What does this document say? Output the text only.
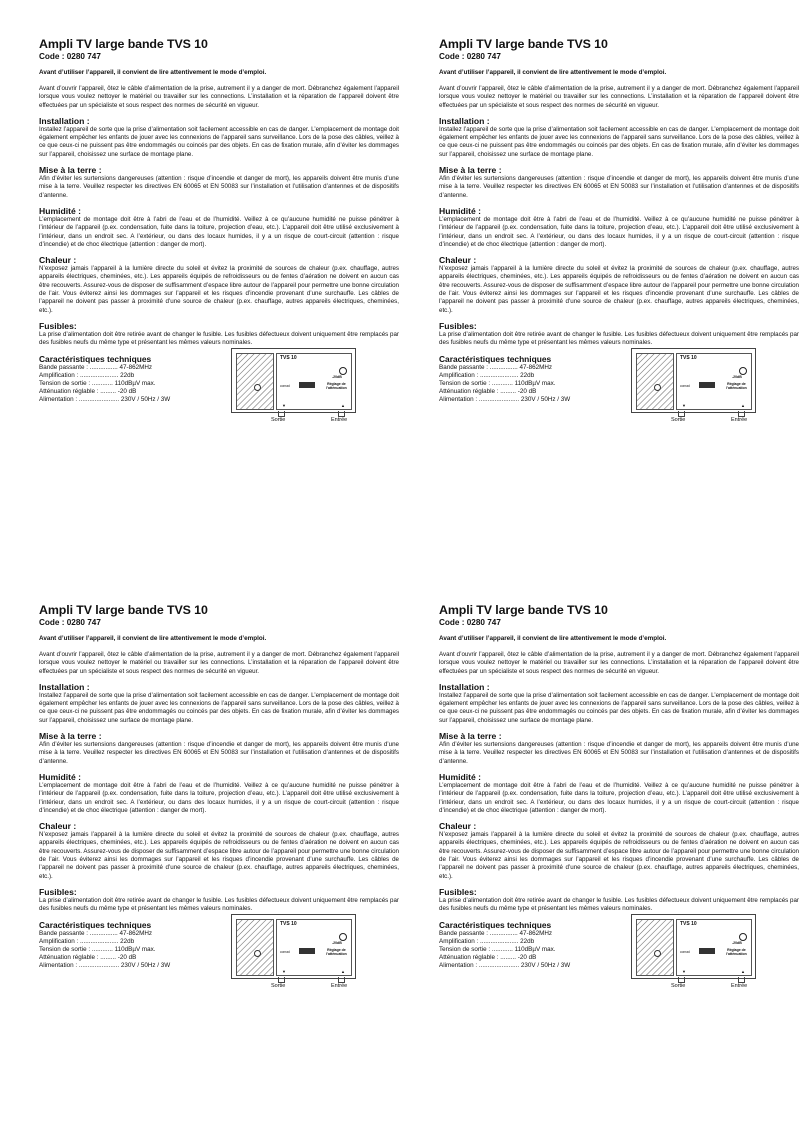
Ampli TV large bande TVS 10

Code : 0280 747

Avant d’utiliser l’appareil, il convient de lire attentivement le mode d’emploi.

Avant d’ouvrir l’appareil, ôtez le câble d’alimentation de la prise, autrement il y a danger de mort. Débranchez également l’appareil lorsque vous voulez nettoyer le matériel ou travailler sur les connections. L’installation et la réparation de l’appareil doivent être effectuées par un spécialiste et sous respect des normes de sécurité en vigueur.

Installation :

Installez l’appareil de sorte que la prise d’alimentation soit facilement accessible en cas de danger. L’emplacement de montage doit également empêcher les enfants de jouer avec les connexions de l’appareil sans surveillance. Lors de la pose des câbles, veillez à ce que ceux-ci ne puissent pas être endommagés ou coincés par des objets. En cas de fixation murale, afin d’éviter les dommages sur l’appareil, choisissez une surface de montage plane.

Mise à la terre :

Afin d’éviter les surtensions dangereuses (attention : risque d’incendie et danger de mort), les appareils doivent être munis d’une mise à la terre. Veuillez respecter les directives EN 60065 et EN 50083 sur l’installation et l’utilisation d’antennes et de dispositifs d’antenne.

Humidité :

L’emplacement de montage doit être à l’abri de l’eau et de l’humidité. Veillez à ce qu’aucune humidité ne puisse pénétrer à l’intérieur de l’appareil (p.ex. condensation, fuite dans la toiture, projection d’eau, etc.). L’appareil doit être utilisé exclusivement à l’intérieur, dans un endroit sec. A l’extérieur, ou dans des locaux humides, il y a un risque de court-circuit (attention : risque d’incendie) et de choc électrique (attention : danger de mort).

Chaleur :

N’exposez jamais l’appareil à la lumière directe du soleil et évitez la proximité de sources de chaleur (p.ex. chauffage, autres appareils électriques, cheminées, etc.). Les appareils équipés de refroidisseurs ou de fentes d’aération ne doivent en aucun cas être recouverts. Assurez-vous de disposer de suffisamment d’espace libre autour de l’appareil pour permettre une bonne circulation de l’air. Vous éviterez ainsi les dommages sur l’appareil et les risques d’incendie provenant d’une surchauffe. Les câbles de l’appareil ne doivent pas passer à proximité d’une source de chaleur (p.ex. chauffage, autres appareils électriques, cheminées, etc.).

Fusibles:

La prise d’alimentation doit être retirée avant de changer le fusible. Les fusibles défectueux doivent uniquement être remplacés par des fusibles neufs du même type et présentant les mêmes valeurs nominales.

Caractéristiques techniques
Bande passante : ................ 47-862MHz
Amplification : ...................... 22db
Tension de sortie : ............ 110dBµV max.
Atténuation réglable : ......... -20 dB
Alimentation : ....................... 230V / 50Hz / 3W
TVS 10
-20dB
conrad	Réglage de
l’atténuation
▼	▲
Sortie	Entrée
Ampli TV large bande TVS 10

Code : 0280 747

Avant d’utiliser l’appareil, il convient de lire attentivement le mode d’emploi.

Avant d’ouvrir l’appareil, ôtez le câble d’alimentation de la prise, autrement il y a danger de mort. Débranchez également l’appareil lorsque vous voulez nettoyer le matériel ou travailler sur les connections. L’installation et la réparation de l’appareil doivent être effectuées par un spécialiste et sous respect des normes de sécurité en vigueur.

Installation :

Installez l’appareil de sorte que la prise d’alimentation soit facilement accessible en cas de danger. L’emplacement de montage doit également empêcher les enfants de jouer avec les connexions de l’appareil sans surveillance. Lors de la pose des câbles, veillez à ce que ceux-ci ne puissent pas être endommagés ou coincés par des objets. En cas de fixation murale, afin d’éviter les dommages sur l’appareil, choisissez une surface de montage plane.

Mise à la terre :

Afin d’éviter les surtensions dangereuses (attention : risque d’incendie et danger de mort), les appareils doivent être munis d’une mise à la terre. Veuillez respecter les directives EN 60065 et EN 50083 sur l’installation et l’utilisation d’antennes et de dispositifs d’antenne.

Humidité :

L’emplacement de montage doit être à l’abri de l’eau et de l’humidité. Veillez à ce qu’aucune humidité ne puisse pénétrer à l’intérieur de l’appareil (p.ex. condensation, fuite dans la toiture, projection d’eau, etc.). L’appareil doit être utilisé exclusivement à l’intérieur, dans un endroit sec. A l’extérieur, ou dans des locaux humides, il y a un risque de court-circuit (attention : risque d’incendie) et de choc électrique (attention : danger de mort).

Chaleur :

N’exposez jamais l’appareil à la lumière directe du soleil et évitez la proximité de sources de chaleur (p.ex. chauffage, autres appareils électriques, cheminées, etc.). Les appareils équipés de refroidisseurs ou de fentes d’aération ne doivent en aucun cas être recouverts. Assurez-vous de disposer de suffisamment d’espace libre autour de l’appareil pour permettre une bonne circulation de l’air. Vous éviterez ainsi les dommages sur l’appareil et les risques d’incendie provenant d’une surchauffe. Les câbles de l’appareil ne doivent pas passer à proximité d’une source de chaleur (p.ex. chauffage, autres appareils électriques, cheminées, etc.).

Fusibles:

La prise d’alimentation doit être retirée avant de changer le fusible. Les fusibles défectueux doivent uniquement être remplacés par des fusibles neufs du même type et présentant les mêmes valeurs nominales.

Caractéristiques techniques
Bande passante : ................ 47-862MHz
Amplification : ...................... 22db
Tension de sortie : ............ 110dBµV max.
Atténuation réglable : ......... -20 dB
Alimentation : ....................... 230V / 50Hz / 3W
TVS 10
-20dB
conrad	Réglage de
l’atténuation
▼	▲
Sortie	Entrée
Ampli TV large bande TVS 10

Code : 0280 747

Avant d’utiliser l’appareil, il convient de lire attentivement le mode d’emploi.

Avant d’ouvrir l’appareil, ôtez le câble d’alimentation de la prise, autrement il y a danger de mort. Débranchez également l’appareil lorsque vous voulez nettoyer le matériel ou travailler sur les connections. L’installation et la réparation de l’appareil doivent être effectuées par un spécialiste et sous respect des normes de sécurité en vigueur.

Installation :

Installez l’appareil de sorte que la prise d’alimentation soit facilement accessible en cas de danger. L’emplacement de montage doit également empêcher les enfants de jouer avec les connexions de l’appareil sans surveillance. Lors de la pose des câbles, veillez à ce que ceux-ci ne puissent pas être endommagés ou coincés par des objets. En cas de fixation murale, afin d’éviter les dommages sur l’appareil, choisissez une surface de montage plane.

Mise à la terre :

Afin d’éviter les surtensions dangereuses (attention : risque d’incendie et danger de mort), les appareils doivent être munis d’une mise à la terre. Veuillez respecter les directives EN 60065 et EN 50083 sur l’installation et l’utilisation d’antennes et de dispositifs d’antenne.

Humidité :

L’emplacement de montage doit être à l’abri de l’eau et de l’humidité. Veillez à ce qu’aucune humidité ne puisse pénétrer à l’intérieur de l’appareil (p.ex. condensation, fuite dans la toiture, projection d’eau, etc.). L’appareil doit être utilisé exclusivement à l’intérieur, dans un endroit sec. A l’extérieur, ou dans des locaux humides, il y a un risque de court-circuit (attention : risque d’incendie) et de choc électrique (attention : danger de mort).

Chaleur :

N’exposez jamais l’appareil à la lumière directe du soleil et évitez la proximité de sources de chaleur (p.ex. chauffage, autres appareils électriques, cheminées, etc.). Les appareils équipés de refroidisseurs ou de fentes d’aération ne doivent en aucun cas être recouverts. Assurez-vous de disposer de suffisamment d’espace libre autour de l’appareil pour permettre une bonne circulation de l’air. Vous éviterez ainsi les dommages sur l’appareil et les risques d’incendie provenant d’une surchauffe. Les câbles de l’appareil ne doivent pas passer à proximité d’une source de chaleur (p.ex. chauffage, autres appareils électriques, cheminées, etc.).

Fusibles:

La prise d’alimentation doit être retirée avant de changer le fusible. Les fusibles défectueux doivent uniquement être remplacés par des fusibles neufs du même type et présentant les mêmes valeurs nominales.

Caractéristiques techniques
Bande passante : ................ 47-862MHz
Amplification : ...................... 22db
Tension de sortie : ............ 110dBµV max.
Atténuation réglable : ......... -20 dB
Alimentation : ....................... 230V / 50Hz / 3W
TVS 10
-20dB
conrad	Réglage de
l’atténuation
▼	▲
Sortie	Entrée
Ampli TV large bande TVS 10

Code : 0280 747

Avant d’utiliser l’appareil, il convient de lire attentivement le mode d’emploi.

Avant d’ouvrir l’appareil, ôtez le câble d’alimentation de la prise, autrement il y a danger de mort. Débranchez également l’appareil lorsque vous voulez nettoyer le matériel ou travailler sur les connections. L’installation et la réparation de l’appareil doivent être effectuées par un spécialiste et sous respect des normes de sécurité en vigueur.

Installation :

Installez l’appareil de sorte que la prise d’alimentation soit facilement accessible en cas de danger. L’emplacement de montage doit également empêcher les enfants de jouer avec les connexions de l’appareil sans surveillance. Lors de la pose des câbles, veillez à ce que ceux-ci ne puissent pas être endommagés ou coincés par des objets. En cas de fixation murale, afin d’éviter les dommages sur l’appareil, choisissez une surface de montage plane.

Mise à la terre :

Afin d’éviter les surtensions dangereuses (attention : risque d’incendie et danger de mort), les appareils doivent être munis d’une mise à la terre. Veuillez respecter les directives EN 60065 et EN 50083 sur l’installation et l’utilisation d’antennes et de dispositifs d’antenne.

Humidité :

L’emplacement de montage doit être à l’abri de l’eau et de l’humidité. Veillez à ce qu’aucune humidité ne puisse pénétrer à l’intérieur de l’appareil (p.ex. condensation, fuite dans la toiture, projection d’eau, etc.). L’appareil doit être utilisé exclusivement à l’intérieur, dans un endroit sec. A l’extérieur, ou dans des locaux humides, il y a un risque de court-circuit (attention : risque d’incendie) et de choc électrique (attention : danger de mort).

Chaleur :

N’exposez jamais l’appareil à la lumière directe du soleil et évitez la proximité de sources de chaleur (p.ex. chauffage, autres appareils électriques, cheminées, etc.). Les appareils équipés de refroidisseurs ou de fentes d’aération ne doivent en aucun cas être recouverts. Assurez-vous de disposer de suffisamment d’espace libre autour de l’appareil pour permettre une bonne circulation de l’air. Vous éviterez ainsi les dommages sur l’appareil et les risques d’incendie provenant d’une surchauffe. Les câbles de l’appareil ne doivent pas passer à proximité d’une source de chaleur (p.ex. chauffage, autres appareils électriques, cheminées, etc.).

Fusibles:

La prise d’alimentation doit être retirée avant de changer le fusible. Les fusibles défectueux doivent uniquement être remplacés par des fusibles neufs du même type et présentant les mêmes valeurs nominales.

Caractéristiques techniques
Bande passante : ................ 47-862MHz
Amplification : ...................... 22db
Tension de sortie : ............ 110dBµV max.
Atténuation réglable : ......... -20 dB
Alimentation : ....................... 230V / 50Hz / 3W
TVS 10
-20dB
conrad	Réglage de
l’atténuation
▼	▲
Sortie	Entrée
